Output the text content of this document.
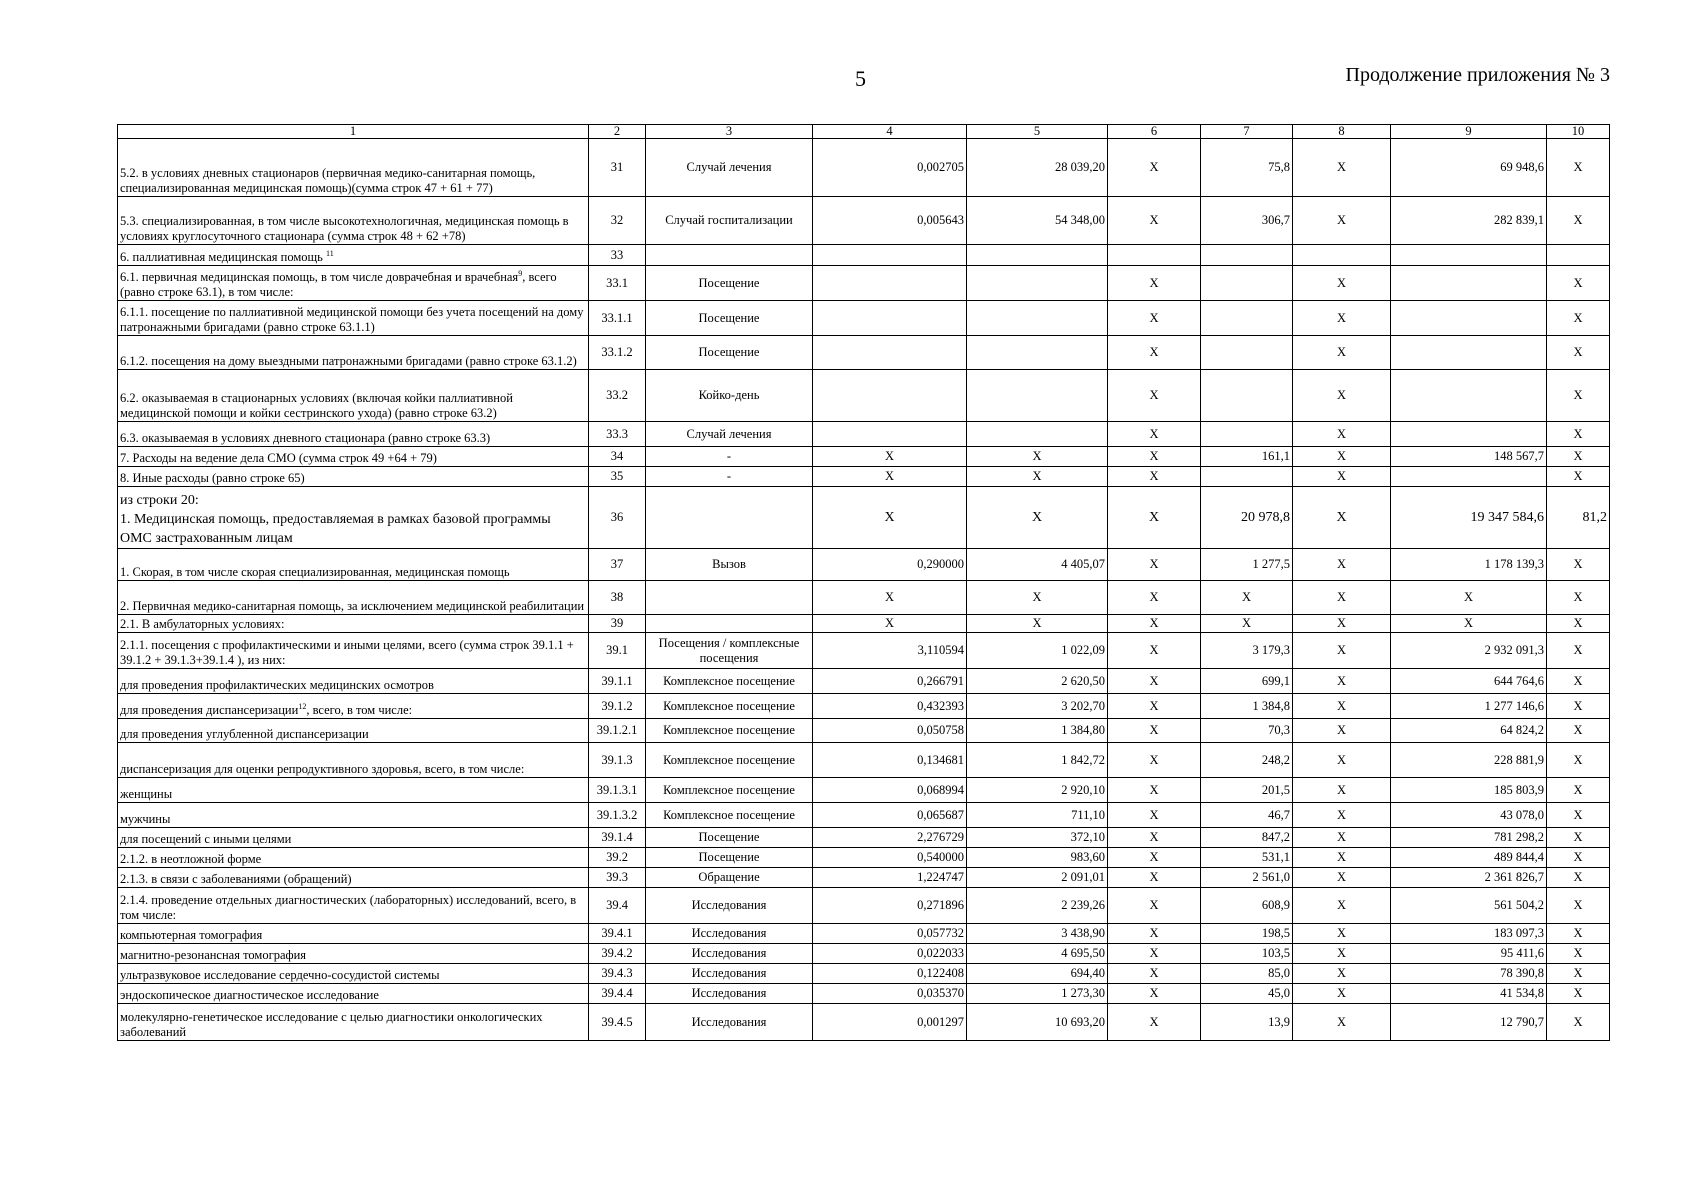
5	Продолжение приложения № 3
1	2	3	4	5	6	7	8	9	10
5.2. в условиях дневных стационаров (первичная медико-санитарная помощь, специализированная медицинская помощь)(сумма строк 47 + 61 + 77)	31	Случай лечения	0,002705	28 039,20	Х	75,8	Х	69 948,6	Х
5.3. специализированная, в том числе высокотехнологичная, медицинская помощь в условиях круглосуточного стационара (сумма строк 48 + 62 +78)	32	Случай госпитализации	0,005643	54 348,00	Х	306,7	Х	282 839,1	Х
6. паллиативная медицинская помощь $^{11}$	33								
6.1. первичная медицинская помощь, в том числе доврачебная и врачебная$^9$, всего (равно строке 63.1), в том числе:	33.1	Посещение			Х		Х		Х
6.1.1. посещение по паллиативной медицинской помощи без учета посещений на дому патронажными бригадами (равно строке 63.1.1)	33.1.1	Посещение			Х		Х		Х
6.1.2. посещения на дому выездными патронажными бригадами (равно строке 63.1.2)	33.1.2	Посещение			Х		Х		Х
6.2. оказываемая в стационарных условиях (включая койки паллиативной медицинской помощи и койки сестринского ухода) (равно строке 63.2)	33.2	Койко-день			Х		Х		Х
6.3. оказываемая в условиях дневного стационара (равно строке 63.3)	33.3	Случай лечения			Х		Х		Х
7. Расходы на ведение дела СМО (сумма строк 49 +64 + 79)	34	-	Х	Х	Х	161,1	Х	148 567,7	Х
8. Иные расходы (равно строке 65)	35	-	Х	Х	Х		Х		Х
из строки 20:
1. Медицинская помощь, предоставляемая в рамках базовой программы ОМС застрахованным лицам	36		Х	Х	Х	20 978,8	Х	19 347 584,6	81,2
1. Скорая, в том числе скорая специализированная, медицинская помощь	37	Вызов	0,290000	4 405,07	Х	1 277,5	Х	1 178 139,3	Х
2. Первичная медико-санитарная помощь, за исключением медицинской реабилитации	38		Х	Х	Х	Х	Х	Х	Х
2.1. В амбулаторных условиях:	39		Х	Х	Х	Х	Х	Х	Х
2.1.1. посещения с профилактическими и иными целями, всего (сумма строк 39.1.1 + 39.1.2 + 39.1.3+39.1.4 ), из них:	39.1	Посещения / комплексные посещения	3,110594	1 022,09	Х	3 179,3	Х	2 932 091,3	Х
для проведения профилактических медицинских осмотров	39.1.1	Комплексное посещение	0,266791	2 620,50	Х	699,1	Х	644 764,6	Х
для проведения диспансеризации$^{12}$, всего, в том числе:	39.1.2	Комплексное посещение	0,432393	3 202,70	Х	1 384,8	Х	1 277 146,6	Х
для проведения углубленной диспансеризации	39.1.2.1	Комплексное посещение	0,050758	1 384,80	Х	70,3	Х	64 824,2	Х
диспансеризация для оценки репродуктивного здоровья, всего, в том числе:	39.1.3	Комплексное посещение	0,134681	1 842,72	Х	248,2	Х	228 881,9	Х
женщины	39.1.3.1	Комплексное посещение	0,068994	2 920,10	Х	201,5	Х	185 803,9	Х
мужчины	39.1.3.2	Комплексное посещение	0,065687	711,10	Х	46,7	Х	43 078,0	Х
для посещений с иными целями	39.1.4	Посещение	2,276729	372,10	Х	847,2	Х	781 298,2	Х
2.1.2. в неотложной форме	39.2	Посещение	0,540000	983,60	Х	531,1	Х	489 844,4	Х
2.1.3. в связи с заболеваниями (обращений)	39.3	Обращение	1,224747	2 091,01	Х	2 561,0	Х	2 361 826,7	Х
2.1.4. проведение отдельных диагностических (лабораторных) исследований, всего, в том числе:	39.4	Исследования	0,271896	2 239,26	Х	608,9	Х	561 504,2	Х
компьютерная томография	39.4.1	Исследования	0,057732	3 438,90	Х	198,5	Х	183 097,3	Х
магнитно-резонансная томография	39.4.2	Исследования	0,022033	4 695,50	Х	103,5	Х	95 411,6	Х
ультразвуковое исследование сердечно-сосудистой системы	39.4.3	Исследования	0,122408	694,40	Х	85,0	Х	78 390,8	Х
эндоскопическое диагностическое исследование	39.4.4	Исследования	0,035370	1 273,30	Х	45,0	Х	41 534,8	Х
молекулярно-генетическое исследование с целью диагностики онкологических заболеваний	39.4.5	Исследования	0,001297	10 693,20	Х	13,9	Х	12 790,7	Х
